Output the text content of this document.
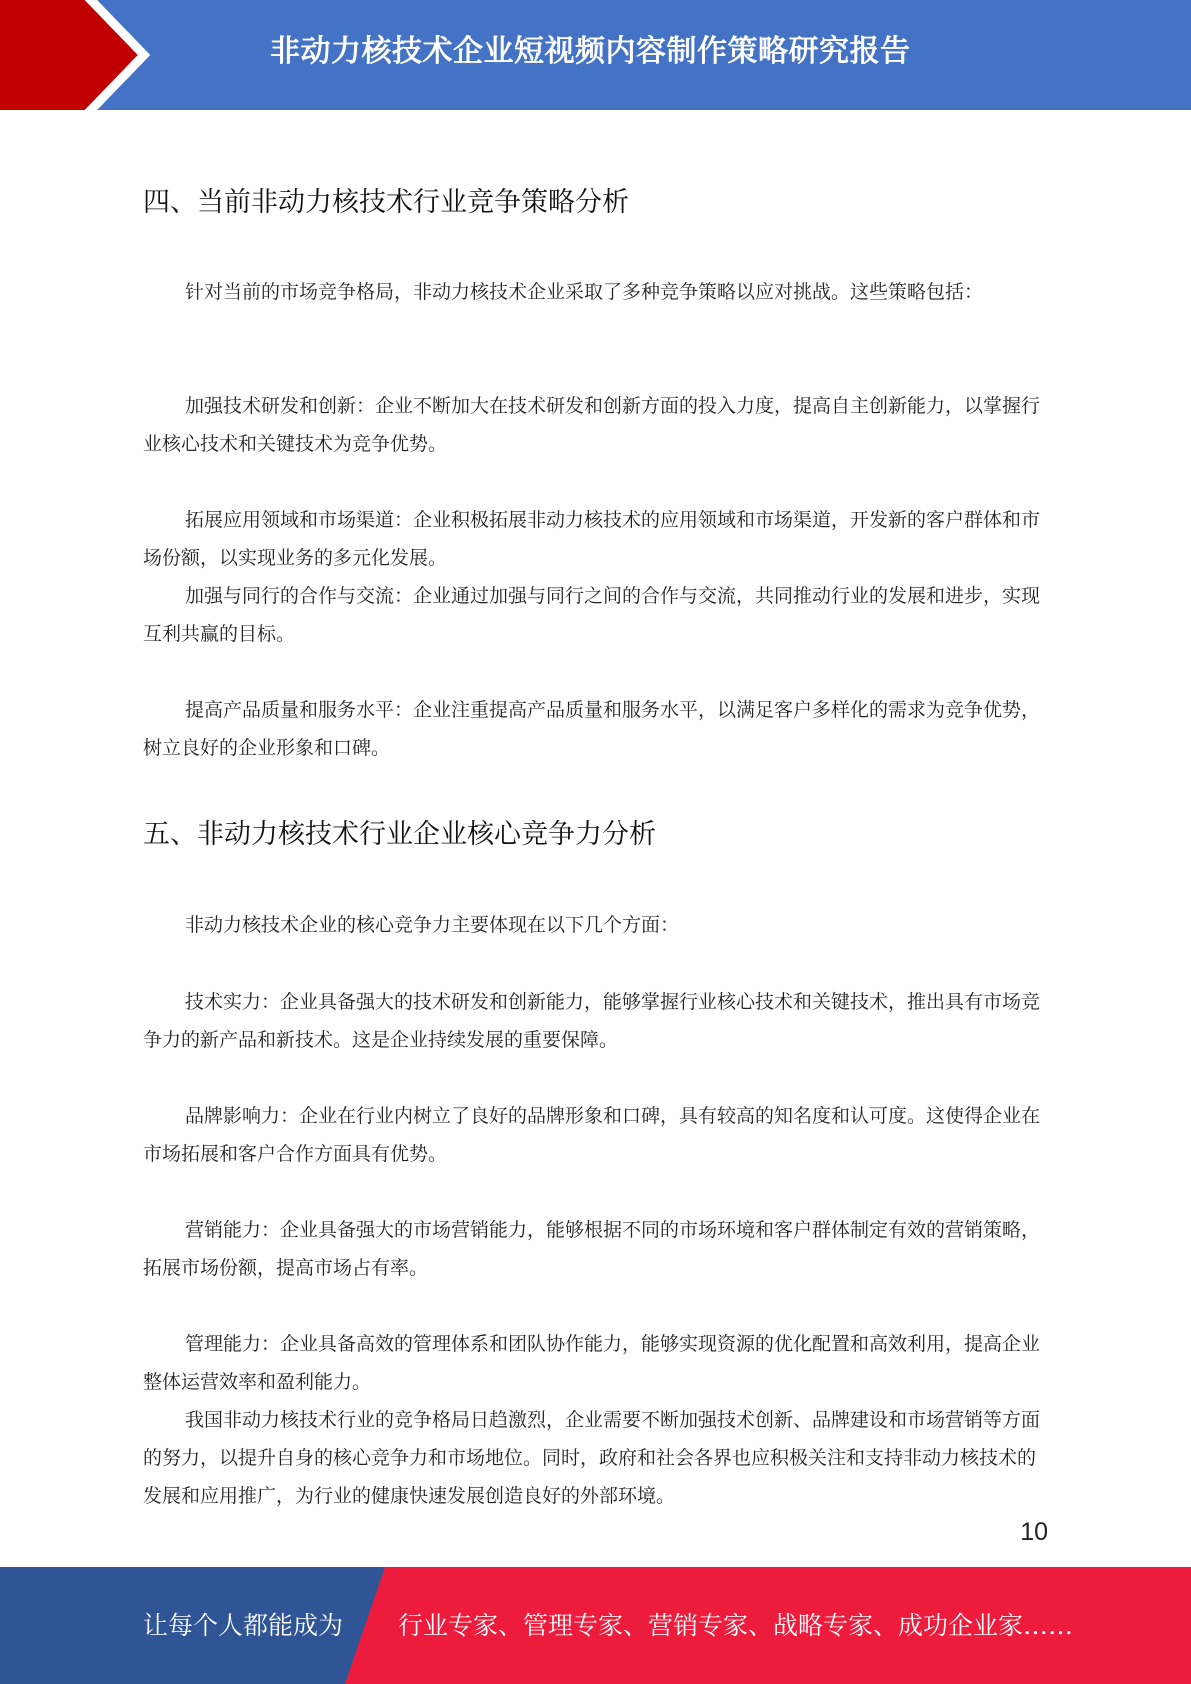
非动力核技术企业短视频内容制作策略研究报告
四、当前非动力核技术行业竞争策略分析

针对当前的市场竞争格局，非动力核技术企业采取了多种竞争策略以应对挑战。这些策略包括：

加强技术研发和创新：企业不断加大在技术研发和创新方面的投入力度，提高自主创新能力，以掌握行业核心技术和关键技术为竞争优势。

拓展应用领域和市场渠道：企业积极拓展非动力核技术的应用领域和市场渠道，开发新的客户群体和市场份额，以实现业务的多元化发展。

加强与同行的合作与交流：企业通过加强与同行之间的合作与交流，共同推动行业的发展和进步，实现互利共赢的目标。

提高产品质量和服务水平：企业注重提高产品质量和服务水平，以满足客户多样化的需求为竞争优势，树立良好的企业形象和口碑。

五、非动力核技术行业企业核心竞争力分析

非动力核技术企业的核心竞争力主要体现在以下几个方面：

技术实力：企业具备强大的技术研发和创新能力，能够掌握行业核心技术和关键技术，推出具有市场竞争力的新产品和新技术。这是企业持续发展的重要保障。

品牌影响力：企业在行业内树立了良好的品牌形象和口碑，具有较高的知名度和认可度。这使得企业在市场拓展和客户合作方面具有优势。

营销能力：企业具备强大的市场营销能力，能够根据不同的市场环境和客户群体制定有效的营销策略，拓展市场份额，提高市场占有率。

管理能力：企业具备高效的管理体系和团队协作能力，能够实现资源的优化配置和高效利用，提高企业整体运营效率和盈利能力。

我国非动力核技术行业的竞争格局日趋激烈，企业需要不断加强技术创新、品牌建设和市场营销等方面的努力，以提升自身的核心竞争力和市场地位。同时，政府和社会各界也应积极关注和支持非动力核技术的发展和应用推广，为行业的健康快速发展创造良好的外部环境。

10
让每个人都能成为 行业专家、管理专家、营销专家、战略专家、成功企业家……
